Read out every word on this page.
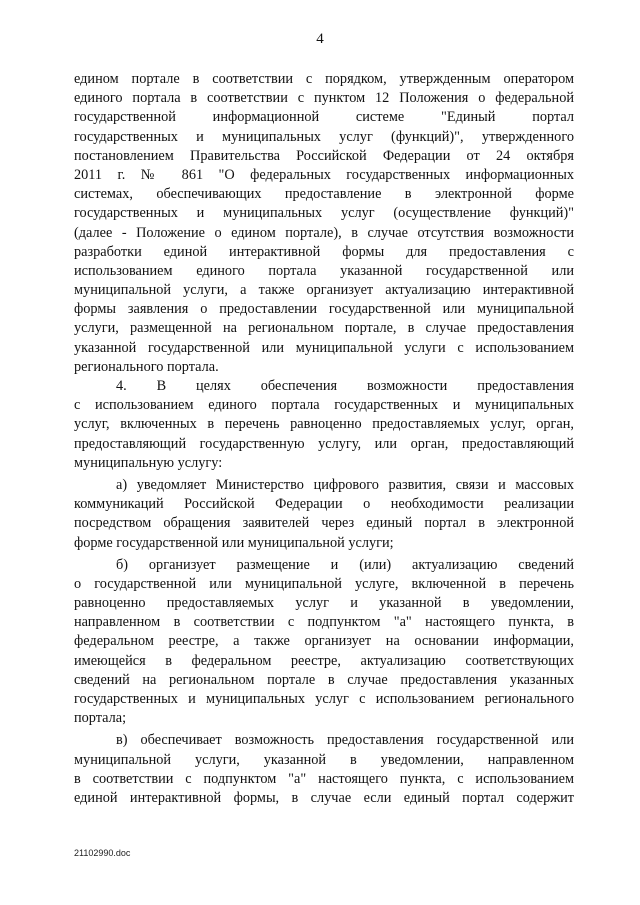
4
едином портале в соответствии с порядком, утвержденным оператором
единого портала в соответствии с пунктом 12 Положения о федеральной
государственной информационной системе "Единый портал
государственных и муниципальных услуг (функций)", утвержденного
постановлением Правительства Российской Федерации от 24 октября
2011 г. № 861 "О федеральных государственных информационных
системах, обеспечивающих предоставление в электронной форме
государственных и муниципальных услуг (осуществление функций)"
(далее - Положение о едином портале), в случае отсутствия возможности
разработки единой интерактивной формы для предоставления с
использованием единого портала указанной государственной или
муниципальной услуги, а также организует актуализацию интерактивной
формы заявления о предоставлении государственной или муниципальной
услуги, размещенной на региональном портале, в случае предоставления
указанной государственной или муниципальной услуги с использованием
регионального портала.
4. В целях обеспечения возможности предоставления
с использованием единого портала государственных и муниципальных
услуг, включенных в перечень равноценно предоставляемых услуг, орган,
предоставляющий государственную услугу, или орган, предоставляющий
муниципальную услугу:
а) уведомляет Министерство цифрового развития, связи и массовых
коммуникаций Российской Федерации о необходимости реализации
посредством обращения заявителей через единый портал в электронной
форме государственной или муниципальной услуги;
б) организует размещение и (или) актуализацию сведений
о государственной или муниципальной услуге, включенной в перечень
равноценно предоставляемых услуг и указанной в уведомлении,
направленном в соответствии с подпунктом "а" настоящего пункта, в
федеральном реестре, а также организует на основании информации,
имеющейся в федеральном реестре, актуализацию соответствующих
сведений на региональном портале в случае предоставления указанных
государственных и муниципальных услуг с использованием регионального
портала;
в) обеспечивает возможность предоставления государственной или
муниципальной услуги, указанной в уведомлении, направленном
в соответствии с подпунктом "а" настоящего пункта, с использованием
единой интерактивной формы, в случае если единый портал содержит
21102990.doc
